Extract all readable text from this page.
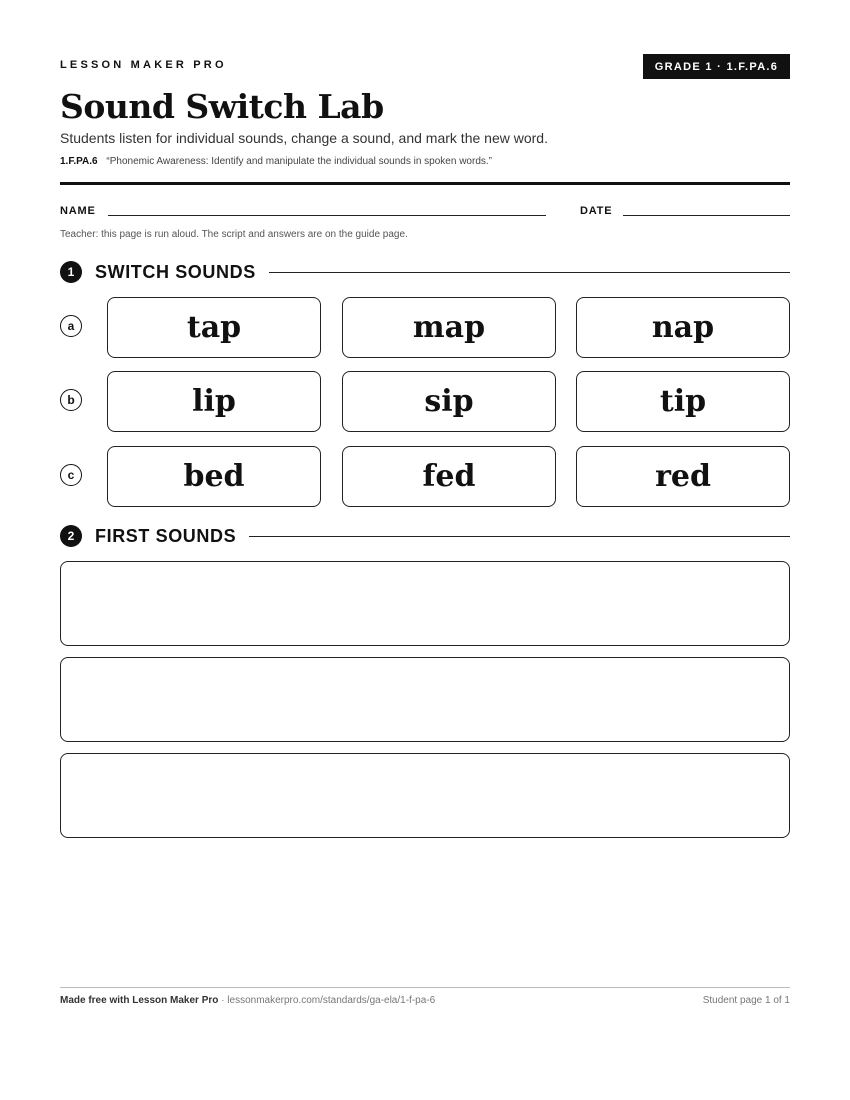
LESSON MAKER PRO	GRADE 1 · 1.F.PA.6
Sound Switch Lab
Students listen for individual sounds, change a sound, and mark the new word.
1.F.PA.6 “Phonemic Awareness: Identify and manipulate the individual sounds in spoken words.”
NAME	DATE
Teacher: this page is run aloud. The script and answers are on the guide page.
1	SWITCH SOUNDS
a	tap	map	nap
b	lip	sip	tip
c	bed	fed	red
2	FIRST SOUNDS
Made free with Lesson Maker Pro · lessonmakerpro.com/standards/ga-ela/1-f-pa-6	Student page 1 of 1
